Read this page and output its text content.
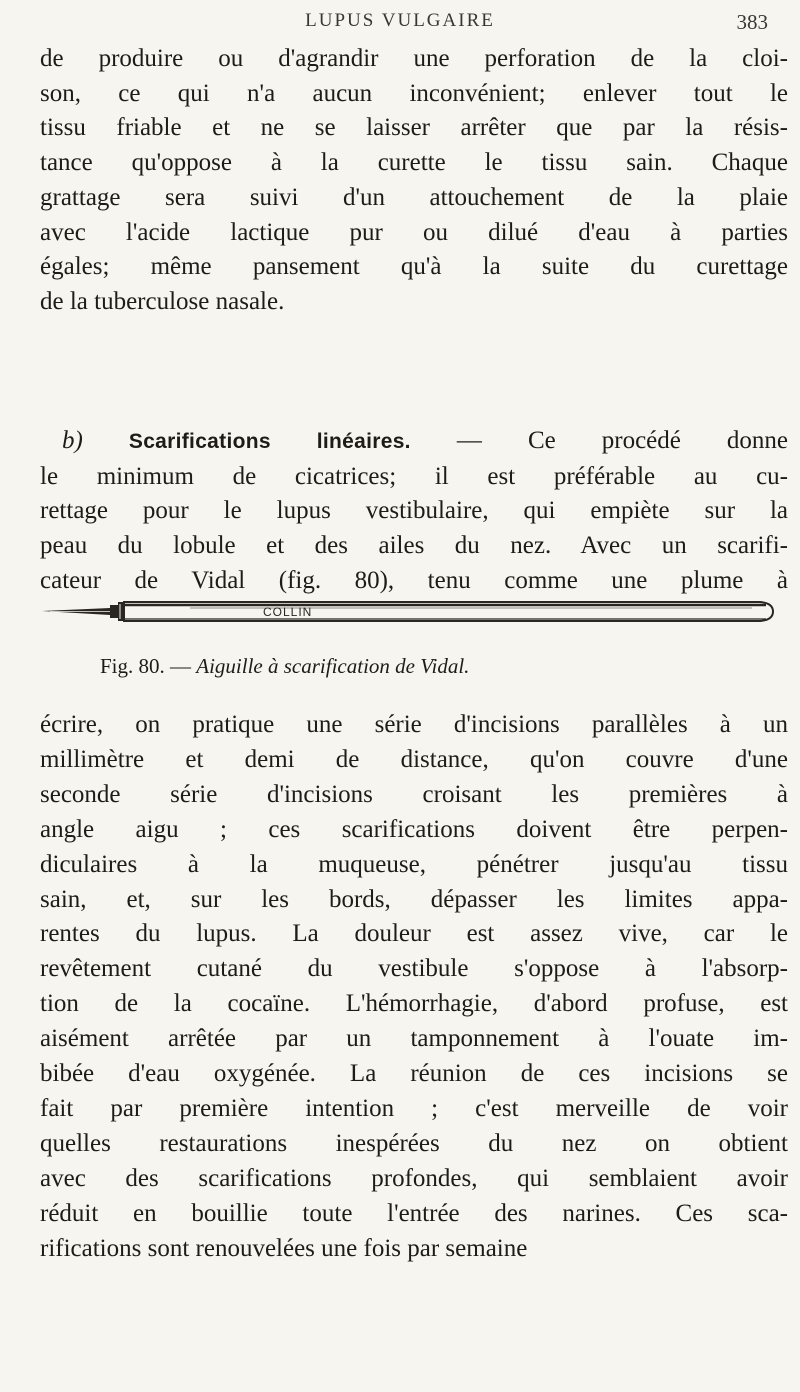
LUPUS VULGAIRE	383
de produire ou d'agrandir une perforation de la cloi-
son, ce qui n'a aucun inconvénient; enlever tout le
tissu friable et ne se laisser arrêter que par la résis-
tance qu'oppose à la curette le tissu sain. Chaque
grattage sera suivi d'un attouchement de la plaie
avec l'acide lactique pur ou dilué d'eau à parties
égales; même pansement qu'à la suite du curettage
de la tuberculose nasale.
b) Scarifications linéaires. — Ce procédé donne
le minimum de cicatrices; il est préférable au cu-
rettage pour le lupus vestibulaire, qui empiète sur la
peau du lobule et des ailes du nez. Avec un scarifi-
cateur de Vidal (fig. 80), tenu comme une plume à
COLLIN
Fig. 80. — Aiguille à scarification de Vidal.
écrire, on pratique une série d'incisions parallèles à un
millimètre et demi de distance, qu'on couvre d'une
seconde série d'incisions croisant les premières à
angle aigu ; ces scarifications doivent être perpen-
diculaires à la muqueuse, pénétrer jusqu'au tissu
sain, et, sur les bords, dépasser les limites appa-
rentes du lupus. La douleur est assez vive, car le
revêtement cutané du vestibule s'oppose à l'absorp-
tion de la cocaïne. L'hémorrhagie, d'abord profuse, est
aisément arrêtée par un tamponnement à l'ouate im-
bibée d'eau oxygénée. La réunion de ces incisions se
fait par première intention ; c'est merveille de voir
quelles restaurations inespérées du nez on obtient
avec des scarifications profondes, qui semblaient avoir
réduit en bouillie toute l'entrée des narines. Ces sca-
rifications sont renouvelées une fois par semaine
